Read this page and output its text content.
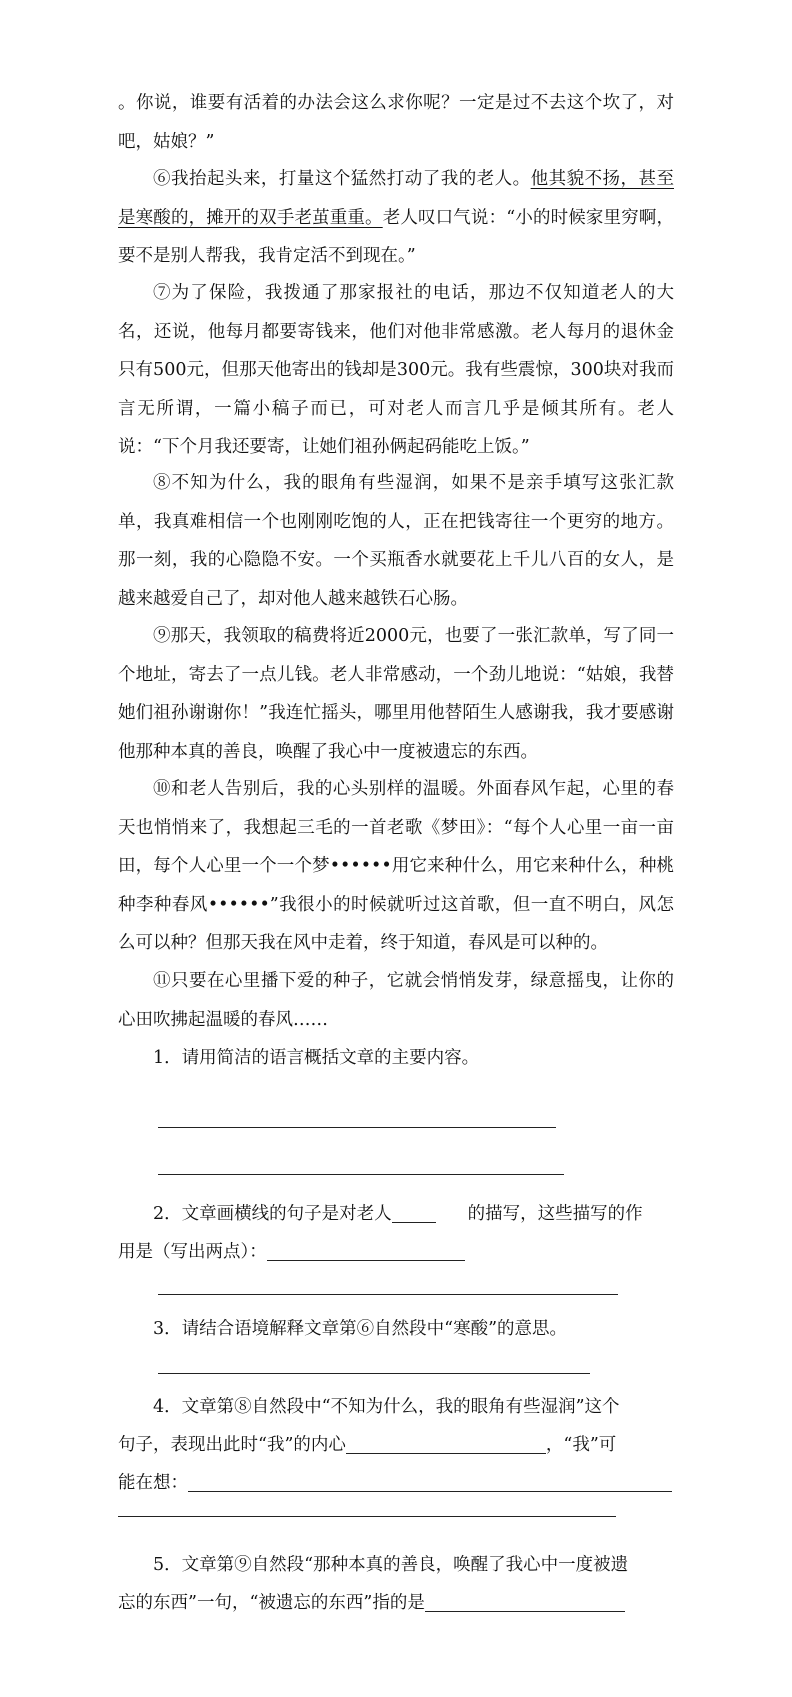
。你说，谁要有活着的办法会这么求你呢？一定是过不去这个坎了，对吧，姑娘？”

⑥我抬起头来，打量这个猛然打动了我的老人。他其貌不扬，甚至是寒酸的，摊开的双手老茧重重。老人叹口气说：“小的时候家里穷啊，要不是别人帮我，我肯定活不到现在。”

⑦为了保险，我拨通了那家报社的电话，那边不仅知道老人的大名，还说，他每月都要寄钱来，他们对他非常感激。老人每月的退休金只有500元，但那天他寄出的钱却是300元。我有些震惊，300块对我而言无所谓，一篇小稿子而已，可对老人而言几乎是倾其所有。老人说：“下个月我还要寄，让她们祖孙俩起码能吃上饭。”

⑧不知为什么，我的眼角有些湿润，如果不是亲手填写这张汇款单，我真难相信一个也刚刚吃饱的人，正在把钱寄往一个更穷的地方。那一刻，我的心隐隐不安。一个买瓶香水就要花上千儿八百的女人，是越来越爱自己了，却对他人越来越铁石心肠。

⑨那天，我领取的稿费将近2000元，也要了一张汇款单，写了同一个地址，寄去了一点儿钱。老人非常感动，一个劲儿地说：“姑娘，我替她们祖孙谢谢你！”我连忙摇头，哪里用他替陌生人感谢我，我才要感谢他那种本真的善良，唤醒了我心中一度被遗忘的东西。

⑩和老人告别后，我的心头别样的温暖。外面春风乍起，心里的春天也悄悄来了，我想起三毛的一首老歌《梦田》：“每个人心里一亩一亩田，每个人心里一个一个梦••••••用它来种什么，用它来种什么，种桃种李种春风••••••”我很小的时候就听过这首歌，但一直不明白，风怎么可以种？但那天我在风中走着，终于知道，春风是可以种的。

⑪只要在心里播下爱的种子，它就会悄悄发芽，绿意摇曳，让你的心田吹拂起温暖的春风……

1．请用简洁的语言概括文章的主要内容。

2．文章画横线的句子是对老人	的描写，这些描写的作

用是（写出两点）：

3．请结合语境解释文章第⑥自然段中“寒酸”的意思。

4．文章第⑧自然段中“不知为什么，我的眼角有些湿润”这个

句子，表现出此时“我”的内心	，“我”可

能在想：

5．文章第⑨自然段“那种本真的善良，唤醒了我心中一度被遗

忘的东西”一句，“被遗忘的东西”指的是
